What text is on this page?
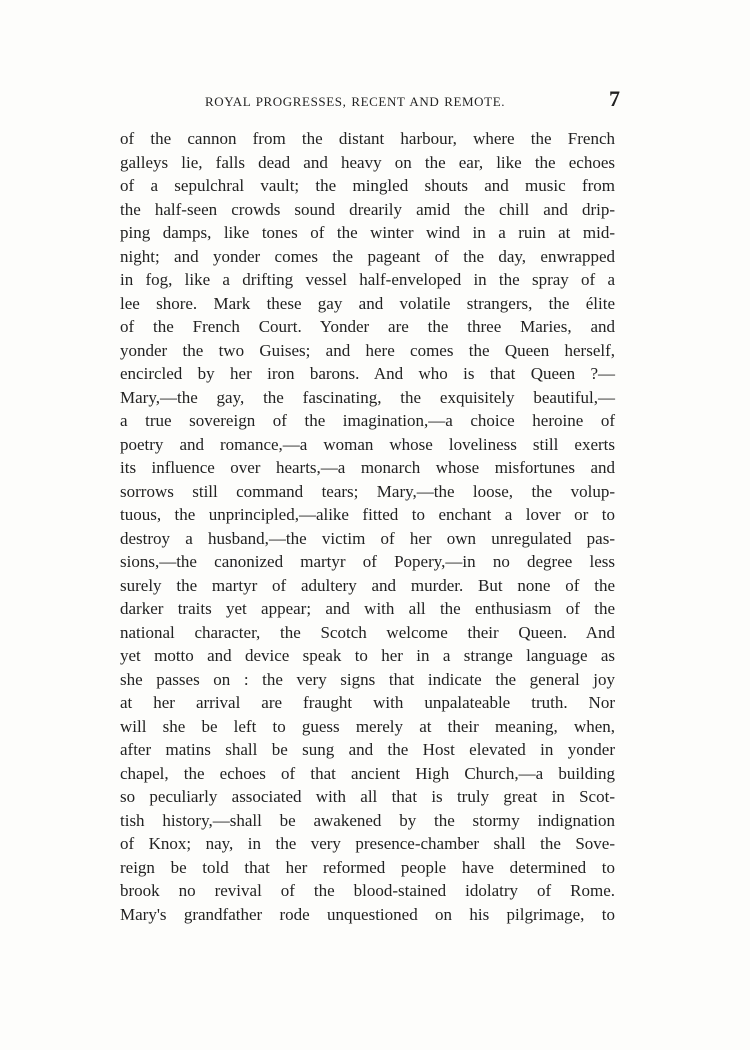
ROYAL PROGRESSES, RECENT AND REMOTE.	7
of the cannon from the distant harbour, where the French
galleys lie, falls dead and heavy on the ear, like the echoes
of a sepulchral vault; the mingled shouts and music from
the half-seen crowds sound drearily amid the chill and drip-
ping damps, like tones of the winter wind in a ruin at mid-
night; and yonder comes the pageant of the day, enwrapped
in fog, like a drifting vessel half-enveloped in the spray of a
lee shore. Mark these gay and volatile strangers, the élite
of the French Court. Yonder are the three Maries, and
yonder the two Guises; and here comes the Queen herself,
encircled by her iron barons. And who is that Queen ?—
Mary,—the gay, the fascinating, the exquisitely beautiful,—
a true sovereign of the imagination,—a choice heroine of
poetry and romance,—a woman whose loveliness still exerts
its influence over hearts,—a monarch whose misfortunes and
sorrows still command tears; Mary,—the loose, the volup-
tuous, the unprincipled,—alike fitted to enchant a lover or to
destroy a husband,—the victim of her own unregulated pas-
sions,—the canonized martyr of Popery,—in no degree less
surely the martyr of adultery and murder. But none of the
darker traits yet appear; and with all the enthusiasm of the
national character, the Scotch welcome their Queen. And
yet motto and device speak to her in a strange language as
she passes on : the very signs that indicate the general joy
at her arrival are fraught with unpalateable truth. Nor
will she be left to guess merely at their meaning, when,
after matins shall be sung and the Host elevated in yonder
chapel, the echoes of that ancient High Church,—a building
so peculiarly associated with all that is truly great in Scot-
tish history,—shall be awakened by the stormy indignation
of Knox; nay, in the very presence-chamber shall the Sove-
reign be told that her reformed people have determined to
brook no revival of the blood-stained idolatry of Rome.
Mary's grandfather rode unquestioned on his pilgrimage, to
